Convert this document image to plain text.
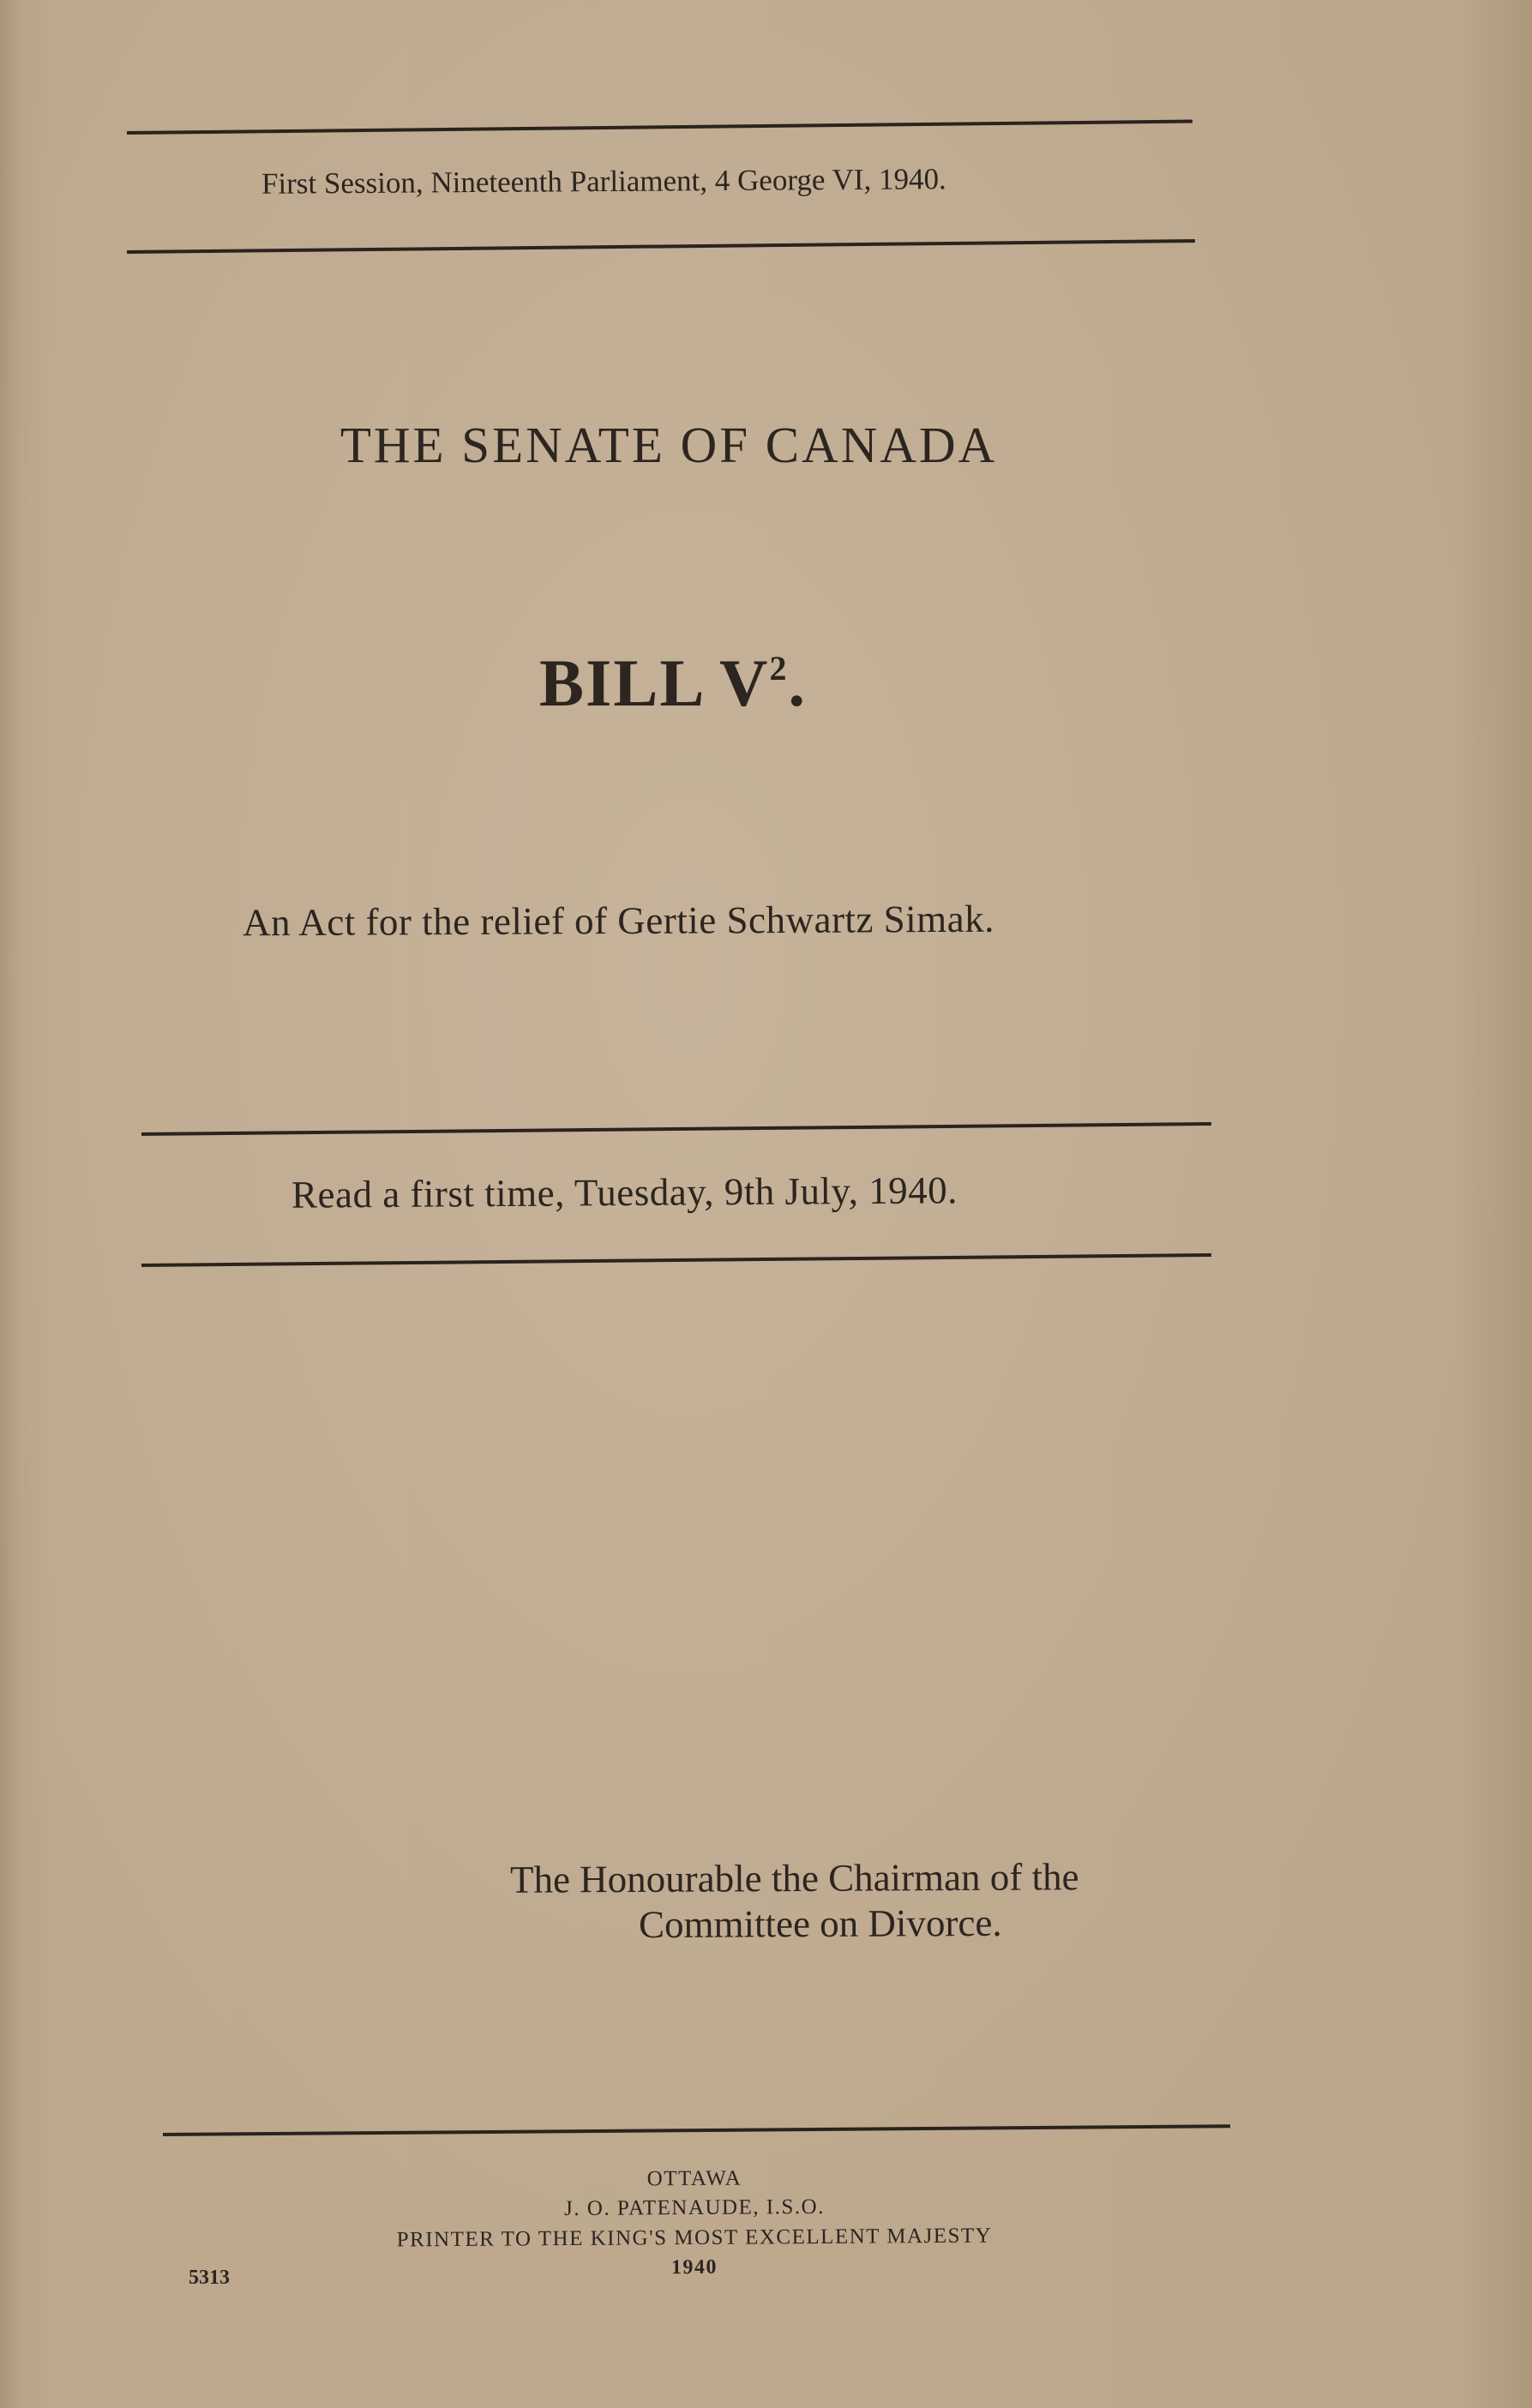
First Session, Nineteenth Parliament, 4 George VI, 1940.
THE SENATE OF CANADA
BILL $V^2$.
An Act for the relief of Gertie Schwartz Simak.
Read a first time, Tuesday, 9th July, 1940.
The Honourable the Chairman of the
Committee on Divorce.
OTTAWA
J. O. PATENAUDE, I.S.O.
PRINTER TO THE KING'S MOST EXCELLENT MAJESTY
1940
5313
